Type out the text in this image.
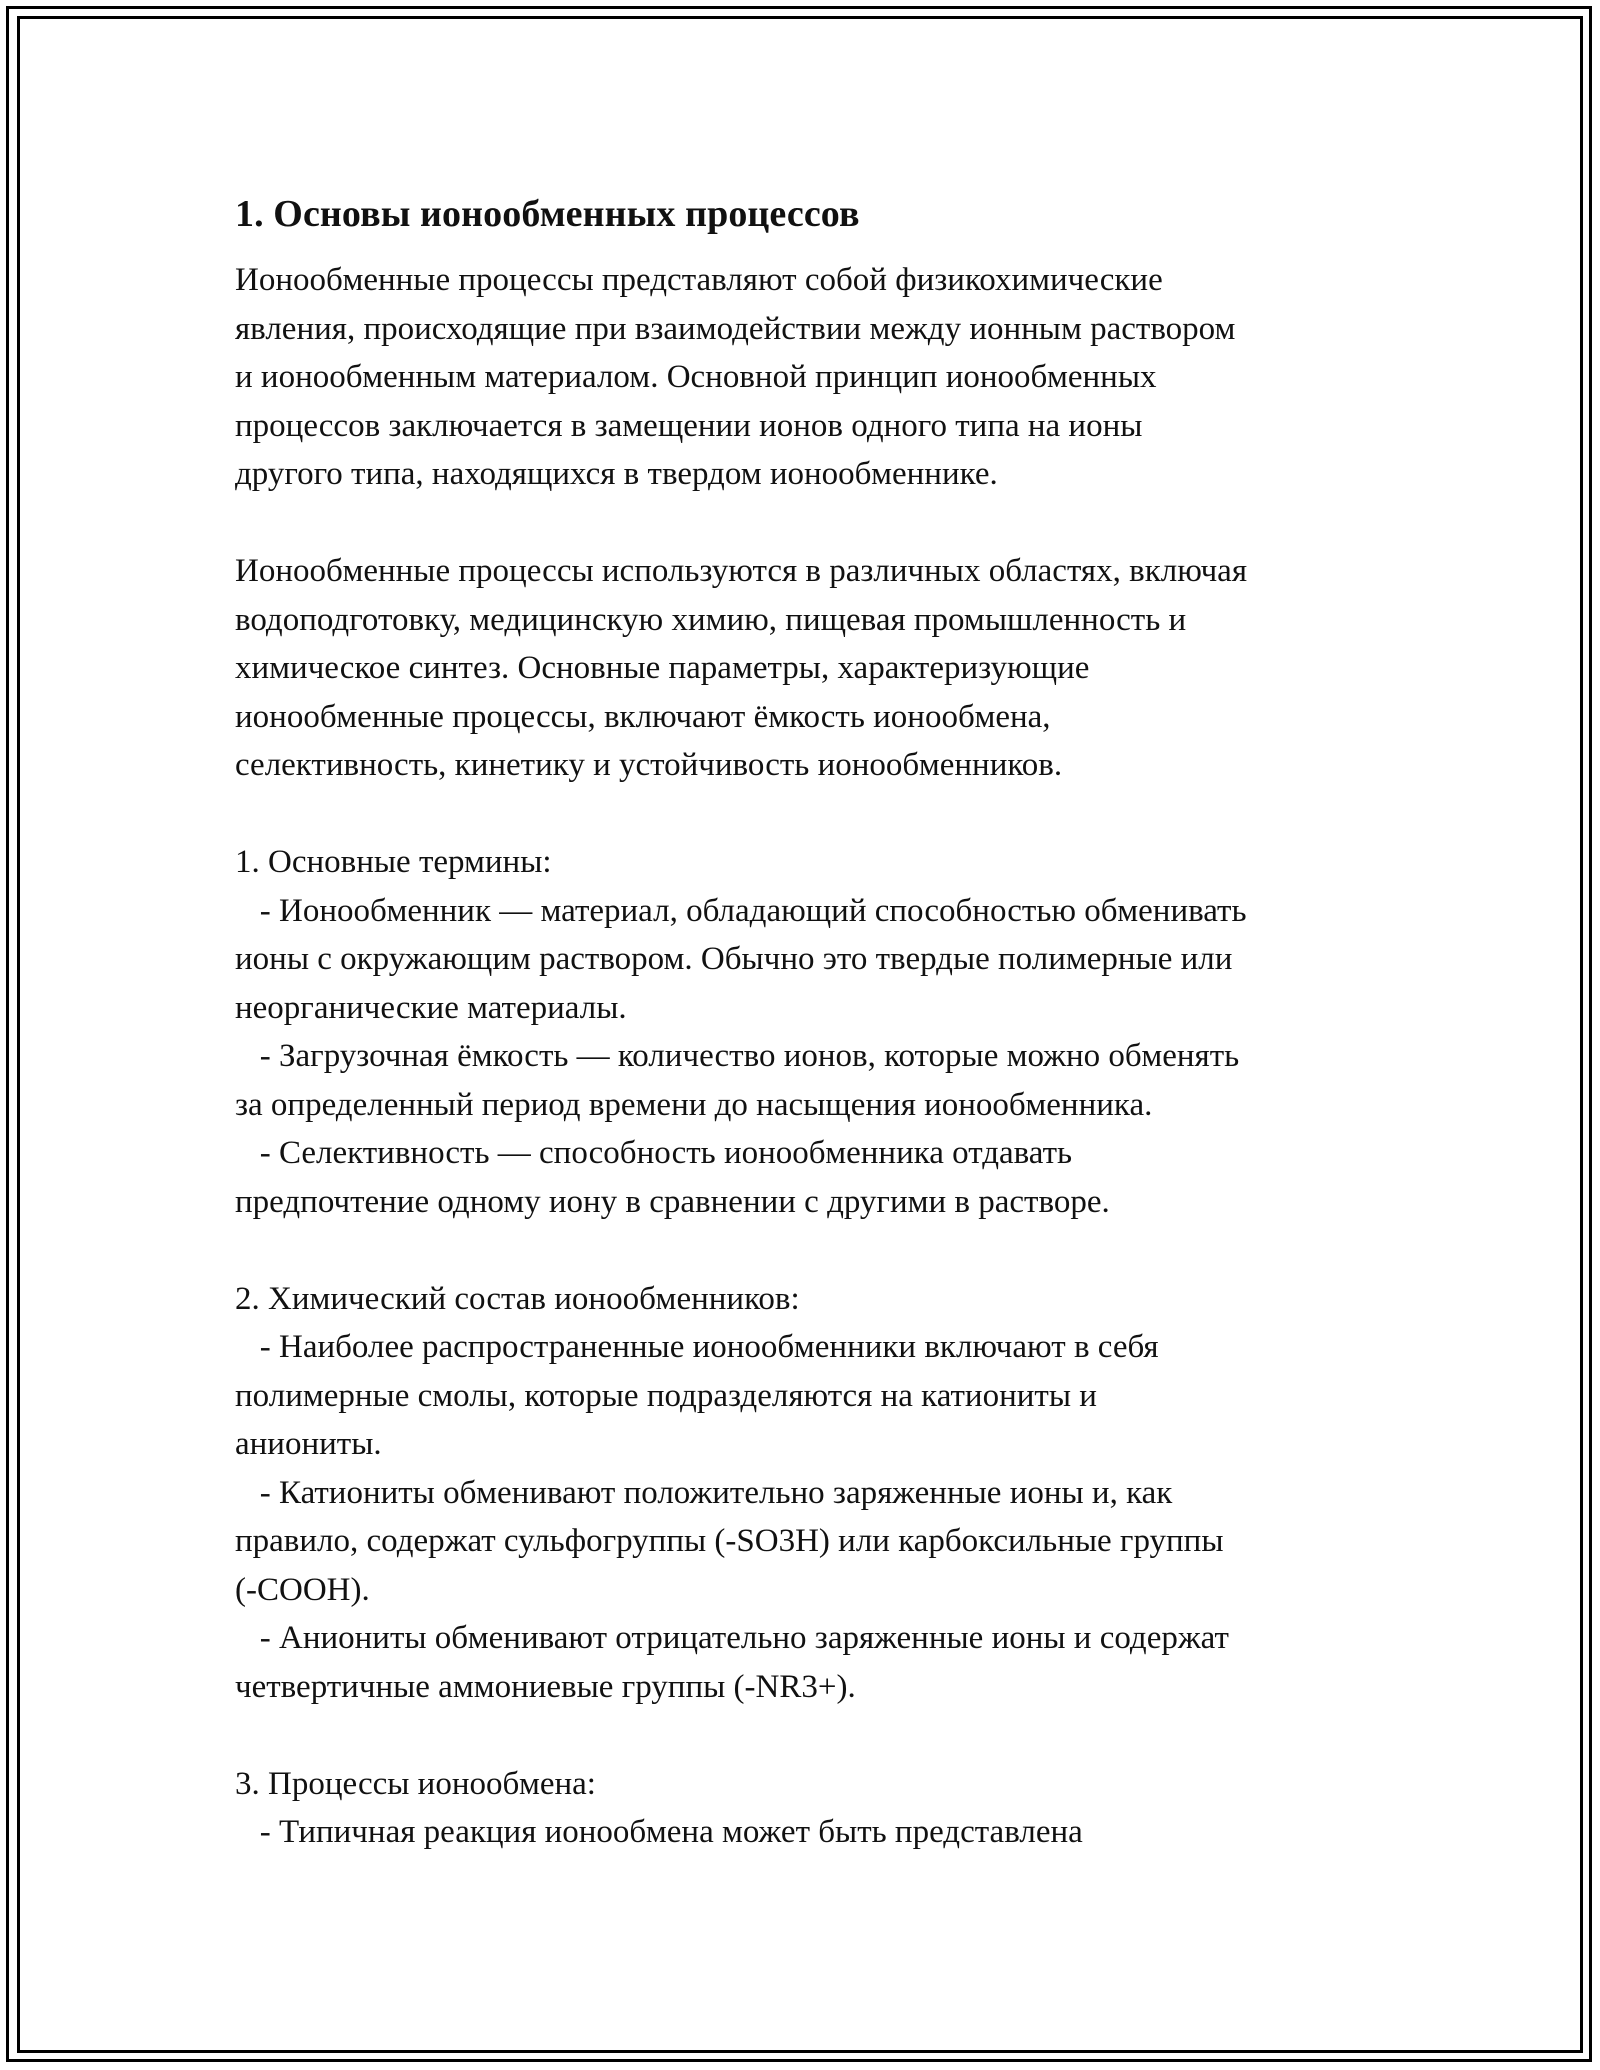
1. Основы ионообменных процессов
Ионообменные процессы представляют собой физикохимические
явления, происходящие при взаимодействии между ионным раствором
и ионообменным материалом. Основной принцип ионообменных
процессов заключается в замещении ионов одного типа на ионы
другого типа, находящихся в твердом ионообменнике.
Ионообменные процессы используются в различных областях, включая
водоподготовку, медицинскую химию, пищевая промышленность и
химическое синтез. Основные параметры, характеризующие
ионообменные процессы, включают ёмкость ионообмена,
селективность, кинетику и устойчивость ионообменников.
1. Основные термины:
- Ионообменник — материал, обладающий способностью обменивать
ионы с окружающим раствором. Обычно это твердые полимерные или
неорганические материалы.
- Загрузочная ёмкость — количество ионов, которые можно обменять
за определенный период времени до насыщения ионообменника.
- Селективность — способность ионообменника отдавать
предпочтение одному иону в сравнении с другими в растворе.
2. Химический состав ионообменников:
- Наиболее распространенные ионообменники включают в себя
полимерные смолы, которые подразделяются на катиониты и
аниониты.
- Катиониты обменивают положительно заряженные ионы и, как
правило, содержат сульфогруппы (-SO3H) или карбоксильные группы
(-COOH).
- Аниониты обменивают отрицательно заряженные ионы и содержат
четвертичные аммониевые группы (-NR3+).
3. Процессы ионообмена:
- Типичная реакция ионообмена может быть представлена
